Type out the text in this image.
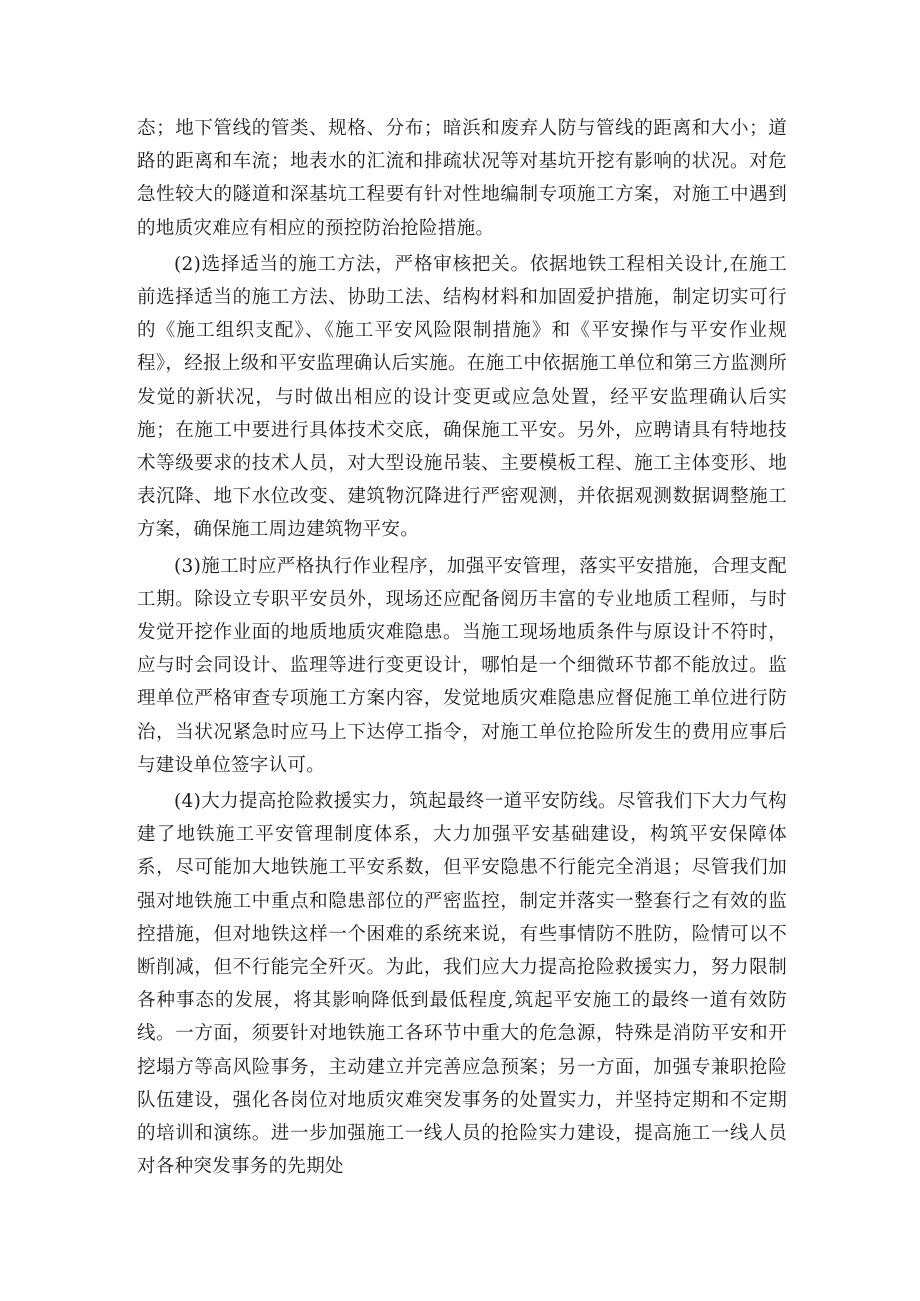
态；地下管线的管类、规格、分布；暗浜和废弃人防与管线的距离和大小；道路的距离和车流；地表水的汇流和排疏状况等对基坑开挖有影响的状况。对危急性较大的隧道和深基坑工程要有针对性地编制专项施工方案，对施工中遇到的地质灾难应有相应的预控防治抢险措施。

(2)选择适当的施工方法，严格审核把关。依据地铁工程相关设计,在施工前选择适当的施工方法、协助工法、结构材料和加固爱护措施，制定切实可行的《施工组织支配》、《施工平安风险限制措施》和《平安操作与平安作业规程》，经报上级和平安监理确认后实施。在施工中依据施工单位和第三方监测所发觉的新状况，与时做出相应的设计变更或应急处置，经平安监理确认后实施；在施工中要进行具体技术交底，确保施工平安。另外，应聘请具有特地技术等级要求的技术人员，对大型设施吊装、主要模板工程、施工主体变形、地表沉降、地下水位改变、建筑物沉降进行严密观测，并依据观测数据调整施工方案，确保施工周边建筑物平安。

(3)施工时应严格执行作业程序，加强平安管理，落实平安措施，合理支配工期。除设立专职平安员外，现场还应配备阅历丰富的专业地质工程师，与时发觉开挖作业面的地质地质灾难隐患。当施工现场地质条件与原设计不符时，应与时会同设计、监理等进行变更设计，哪怕是一个细微环节都不能放过。监理单位严格审查专项施工方案内容，发觉地质灾难隐患应督促施工单位进行防治，当状况紧急时应马上下达停工指令，对施工单位抢险所发生的费用应事后与建设单位签字认可。

(4)大力提高抢险救援实力，筑起最终一道平安防线。尽管我们下大力气构建了地铁施工平安管理制度体系，大力加强平安基础建设，构筑平安保障体系，尽可能加大地铁施工平安系数，但平安隐患不行能完全消退；尽管我们加强对地铁施工中重点和隐患部位的严密监控，制定并落实一整套行之有效的监控措施，但对地铁这样一个困难的系统来说，有些事情防不胜防，险情可以不断削减，但不行能完全歼灭。为此，我们应大力提高抢险救援实力，努力限制各种事态的发展，将其影响降低到最低程度,筑起平安施工的最终一道有效防线。一方面，须要针对地铁施工各环节中重大的危急源，特殊是消防平安和开挖塌方等高风险事务，主动建立并完善应急预案；另一方面，加强专兼职抢险队伍建设，强化各岗位对地质灾难突发事务的处置实力，并坚持定期和不定期的培训和演练。进一步加强施工一线人员的抢险实力建设，提高施工一线人员对各种突发事务的先期处
